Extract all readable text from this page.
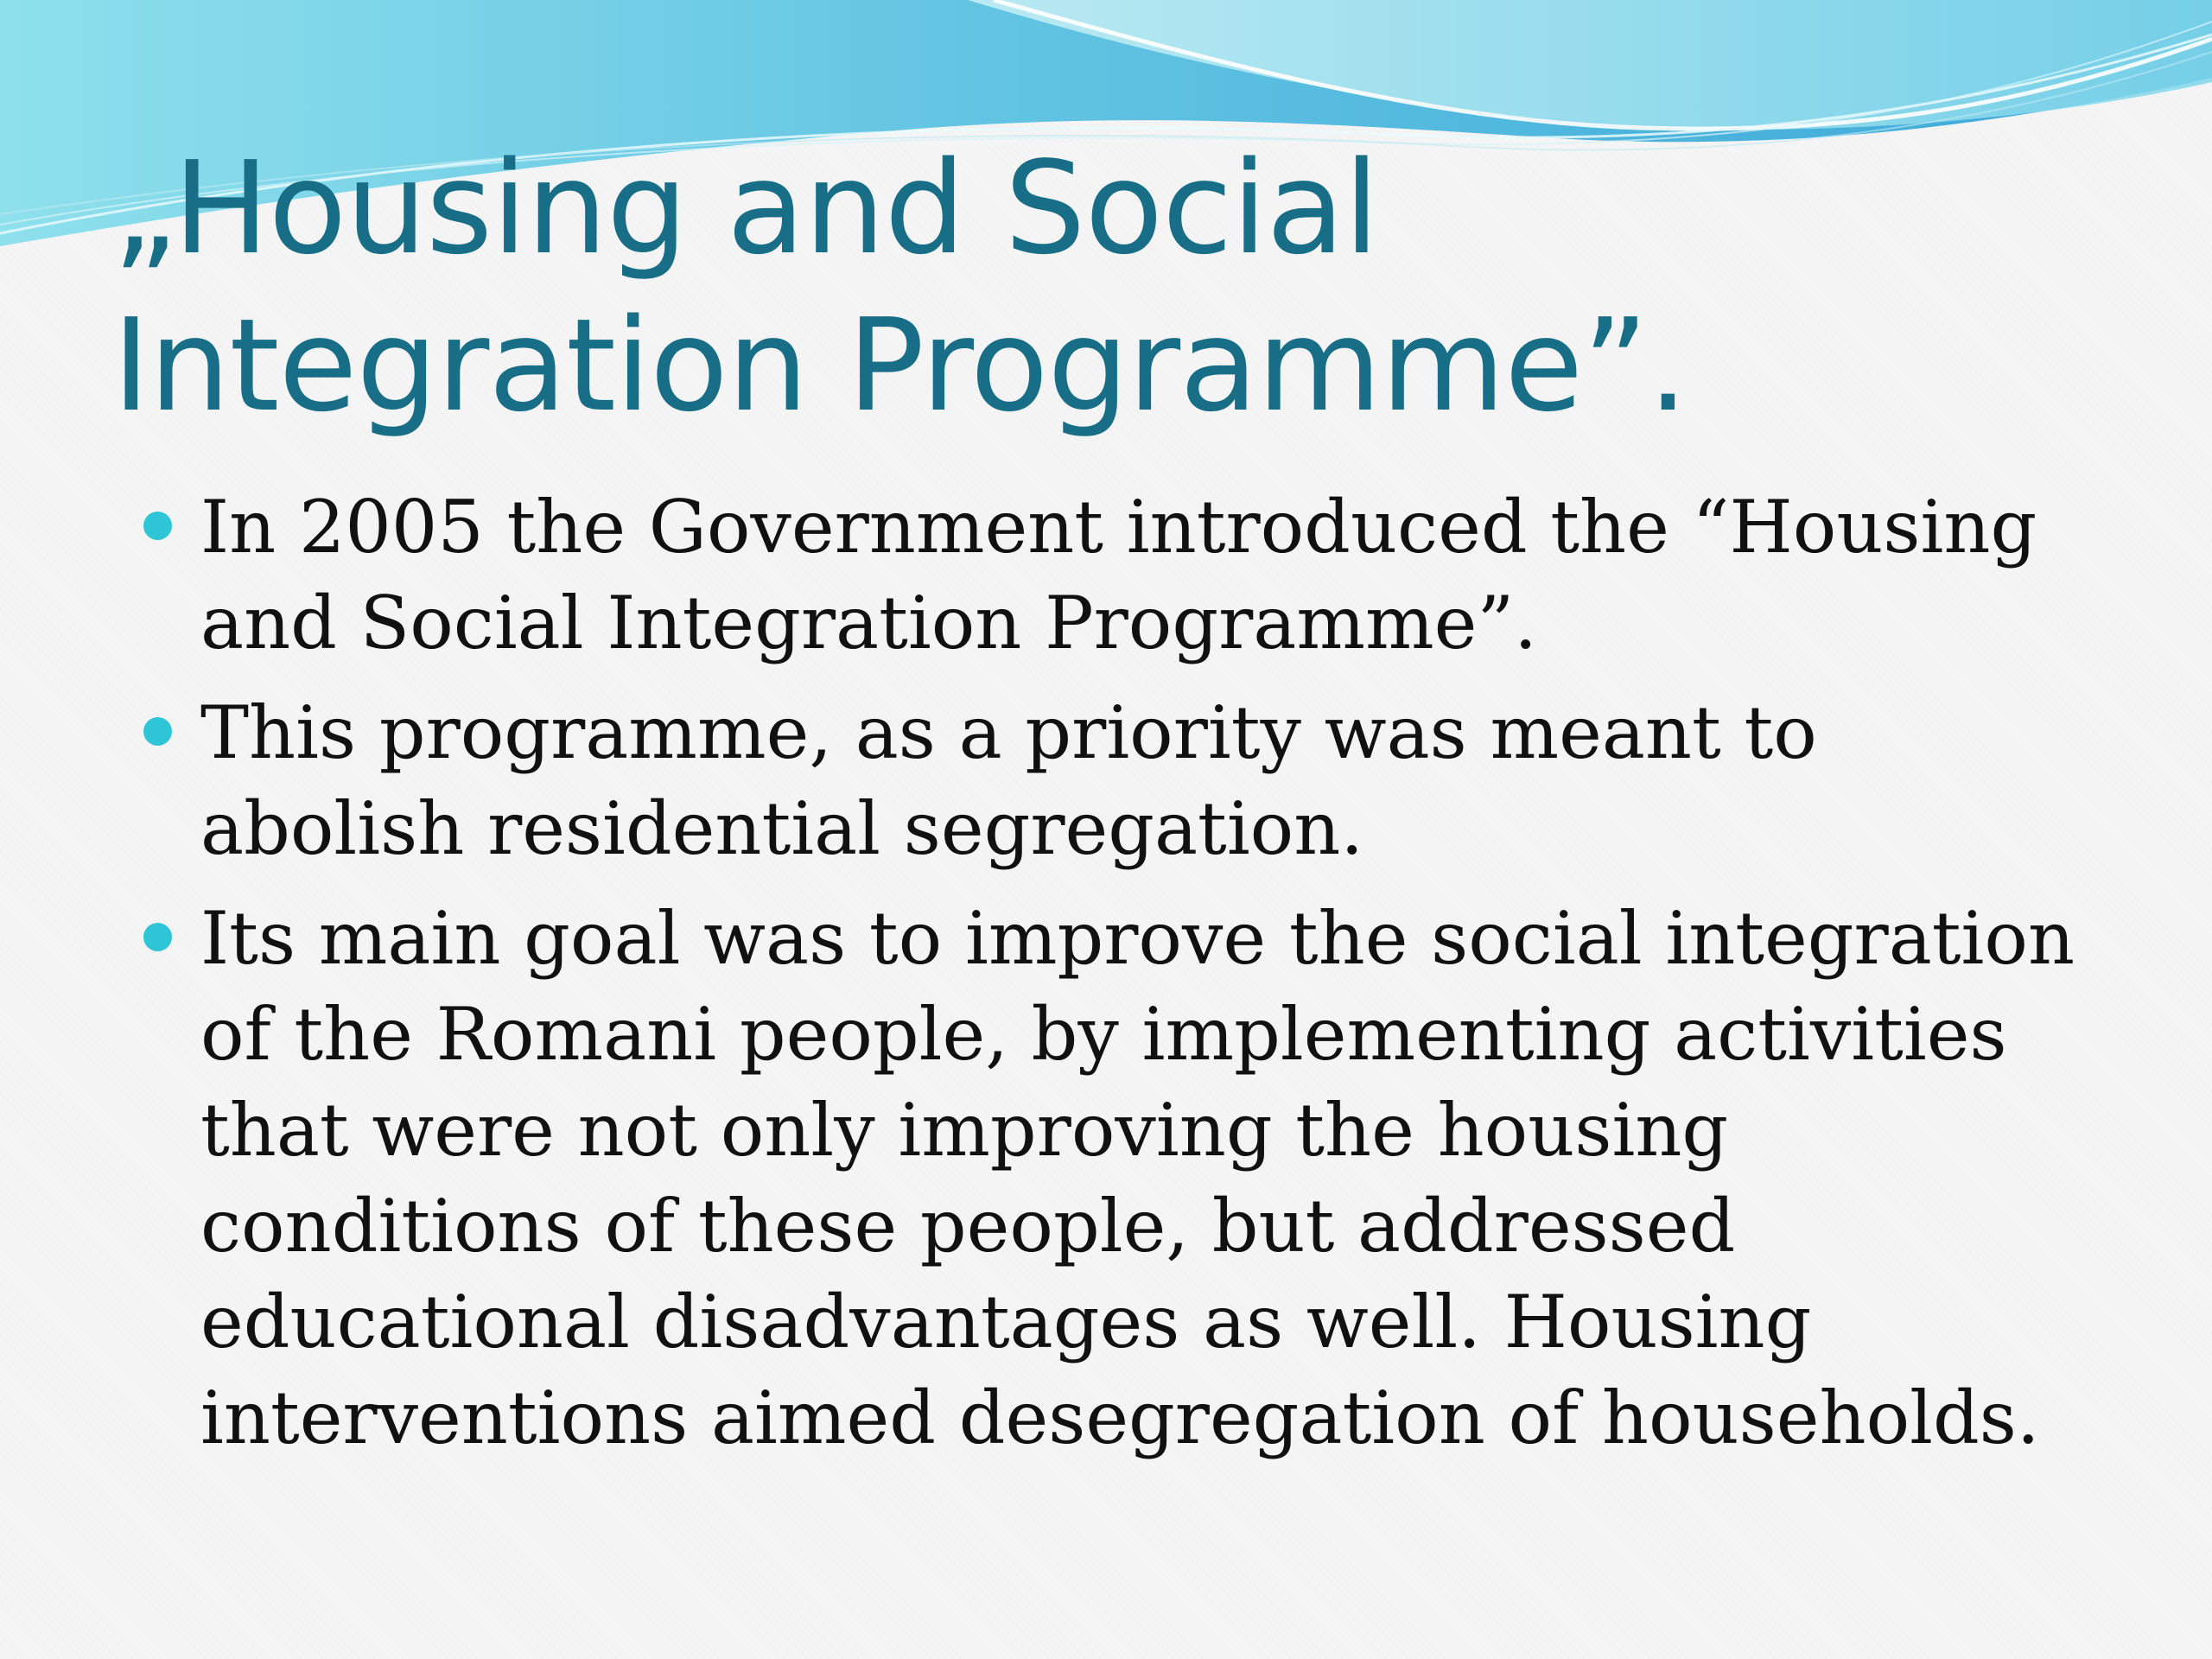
„Housing and Social Integration Programme”.
In 2005 the Government introduced the “Housing and Social Integration Programme”.
This programme, as a priority was meant to abolish residential segregation.
Its main goal was to improve the social integration of the Romani people, by implementing activities that were not only improving the housing conditions of these people, but addressed educational disadvantages as well. Housing interventions aimed desegregation of households.
